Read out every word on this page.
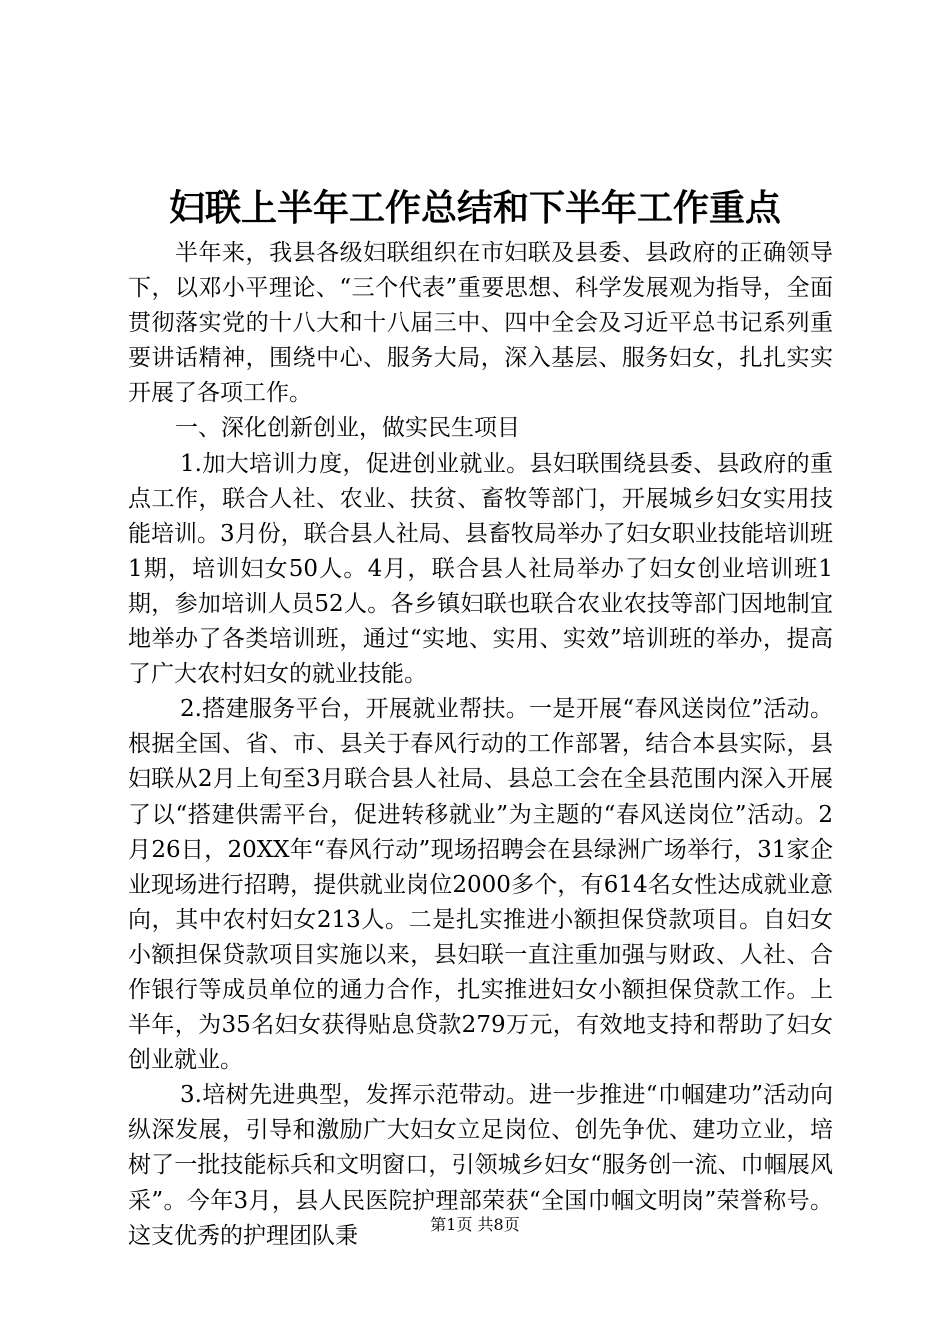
妇联上半年工作总结和下半年工作重点

半年来，我县各级妇联组织在市妇联及县委、县政府的正确领导下，以邓小平理论、“三个代表”重要思想、科学发展观为指导，全面贯彻落实党的十八大和十八届三中、四中全会及习近平总书记系列重要讲话精神，围绕中心、服务大局，深入基层、服务妇女，扎扎实实开展了各项工作。

一、深化创新创业，做实民生项目

1.加大培训力度，促进创业就业。县妇联围绕县委、县政府的重点工作，联合人社、农业、扶贫、畜牧等部门，开展城乡妇女实用技能培训。3月份，联合县人社局、县畜牧局举办了妇女职业技能培训班1期，培训妇女50人。4月，联合县人社局举办了妇女创业培训班1期，参加培训人员52人。各乡镇妇联也联合农业农技等部门因地制宜地举办了各类培训班，通过“实地、实用、实效”培训班的举办，提高了广大农村妇女的就业技能。

2.搭建服务平台，开展就业帮扶。一是开展“春风送岗位”活动。根据全国、省、市、县关于春风行动的工作部署，结合本县实际，县妇联从2月上旬至3月联合县人社局、县总工会在全县范围内深入开展了以“搭建供需平台，促进转移就业”为主题的“春风送岗位”活动。2月26日，20XX年“春风行动”现场招聘会在县绿洲广场举行，31家企业现场进行招聘，提供就业岗位2000多个，有614名女性达成就业意向，其中农村妇女213人。二是扎实推进小额担保贷款项目。自妇女小额担保贷款项目实施以来，县妇联一直注重加强与财政、人社、合作银行等成员单位的通力合作，扎实推进妇女小额担保贷款工作。上半年，为35名妇女获得贴息贷款279万元，有效地支持和帮助了妇女创业就业。

3.培树先进典型，发挥示范带动。进一步推进“巾帼建功”活动向纵深发展，引导和激励广大妇女立足岗位、创先争优、建功立业，培树了一批技能标兵和文明窗口，引领城乡妇女“服务创一流、巾帼展风采”。今年3月，县人民医院护理部荣获“全国巾帼文明岗”荣誉称号。这支优秀的护理团队秉	第1页 共8页
